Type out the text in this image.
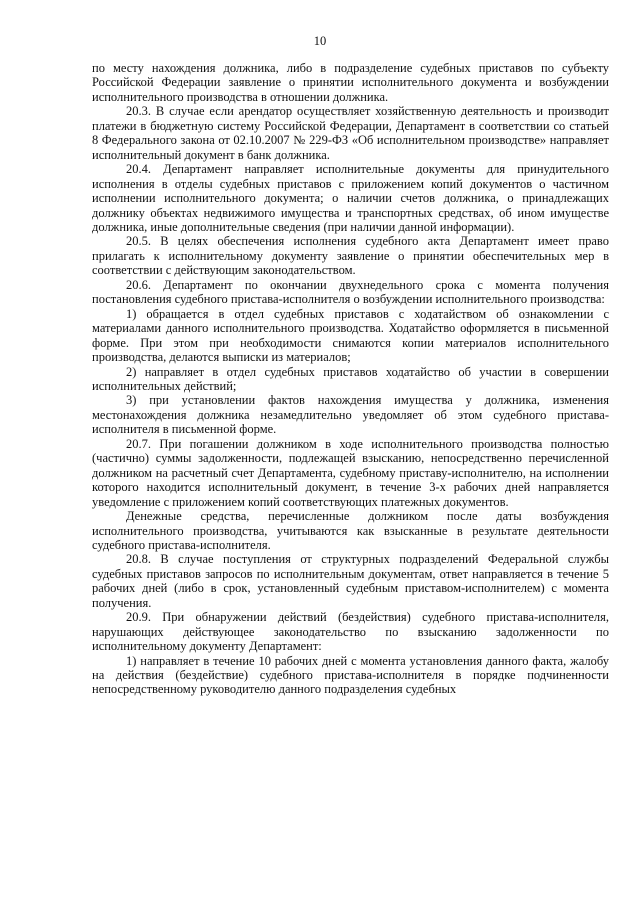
10

по месту нахождения должника, либо в подразделение судебных приставов по субъекту Российской Федерации заявление о принятии исполнительного документа и возбуждении исполнительного производства в отношении должника.

20.3. В случае если арендатор осуществляет хозяйственную деятельность и производит платежи в бюджетную систему Российской Федерации, Департамент в соответствии со статьей 8 Федерального закона от 02.10.2007 № 229-ФЗ «Об исполнительном производстве» направляет исполнительный документ в банк должника.

20.4. Департамент направляет исполнительные документы для принудительного исполнения в отделы судебных приставов с приложением копий документов о частичном исполнении исполнительного документа; о наличии счетов должника, о принадлежащих должнику объектах недвижимого имущества и транспортных средствах, об ином имуществе должника, иные дополнительные сведения (при наличии данной информации).

20.5. В целях обеспечения исполнения судебного акта Департамент имеет право прилагать к исполнительному документу заявление о принятии обеспечительных мер в соответствии с действующим законодательством.

20.6. Департамент по окончании двухнедельного срока с момента получения постановления судебного пристава-исполнителя о возбуждении исполнительного производства:

1) обращается в отдел судебных приставов с ходатайством об ознакомлении с материалами данного исполнительного производства. Ходатайство оформляется в письменной форме. При этом при необходимости снимаются копии материалов исполнительного производства, делаются выписки из материалов;

2) направляет в отдел судебных приставов ходатайство об участии в совершении исполнительных действий;

3) при установлении фактов нахождения имущества у должника, изменения местонахождения должника незамедлительно уведомляет об этом судебного пристава-исполнителя в письменной форме.

20.7. При погашении должником в ходе исполнительного производства полностью (частично) суммы задолженности, подлежащей взысканию, непосредственно перечисленной должником на расчетный счет Департамента, судебному приставу-исполнителю, на исполнении которого находится исполнительный документ, в течение 3-х рабочих дней направляется уведомление с приложением копий соответствующих платежных документов.

Денежные средства, перечисленные должником после даты возбуждения исполнительного производства, учитываются как взысканные в результате деятельности судебного пристава-исполнителя.

20.8. В случае поступления от структурных подразделений Федеральной службы судебных приставов запросов по исполнительным документам, ответ направляется в течение 5 рабочих дней (либо в срок, установленный судебным приставом-исполнителем) с момента получения.

20.9. При обнаружении действий (бездействия) судебного пристава-исполнителя, нарушающих действующее законодательство по взысканию задолженности по исполнительному документу Департамент:

1) направляет в течение 10 рабочих дней с момента установления данного факта, жалобу на действия (бездействие) судебного пристава-исполнителя в порядке подчиненности непосредственному руководителю данного подразделения судебных
